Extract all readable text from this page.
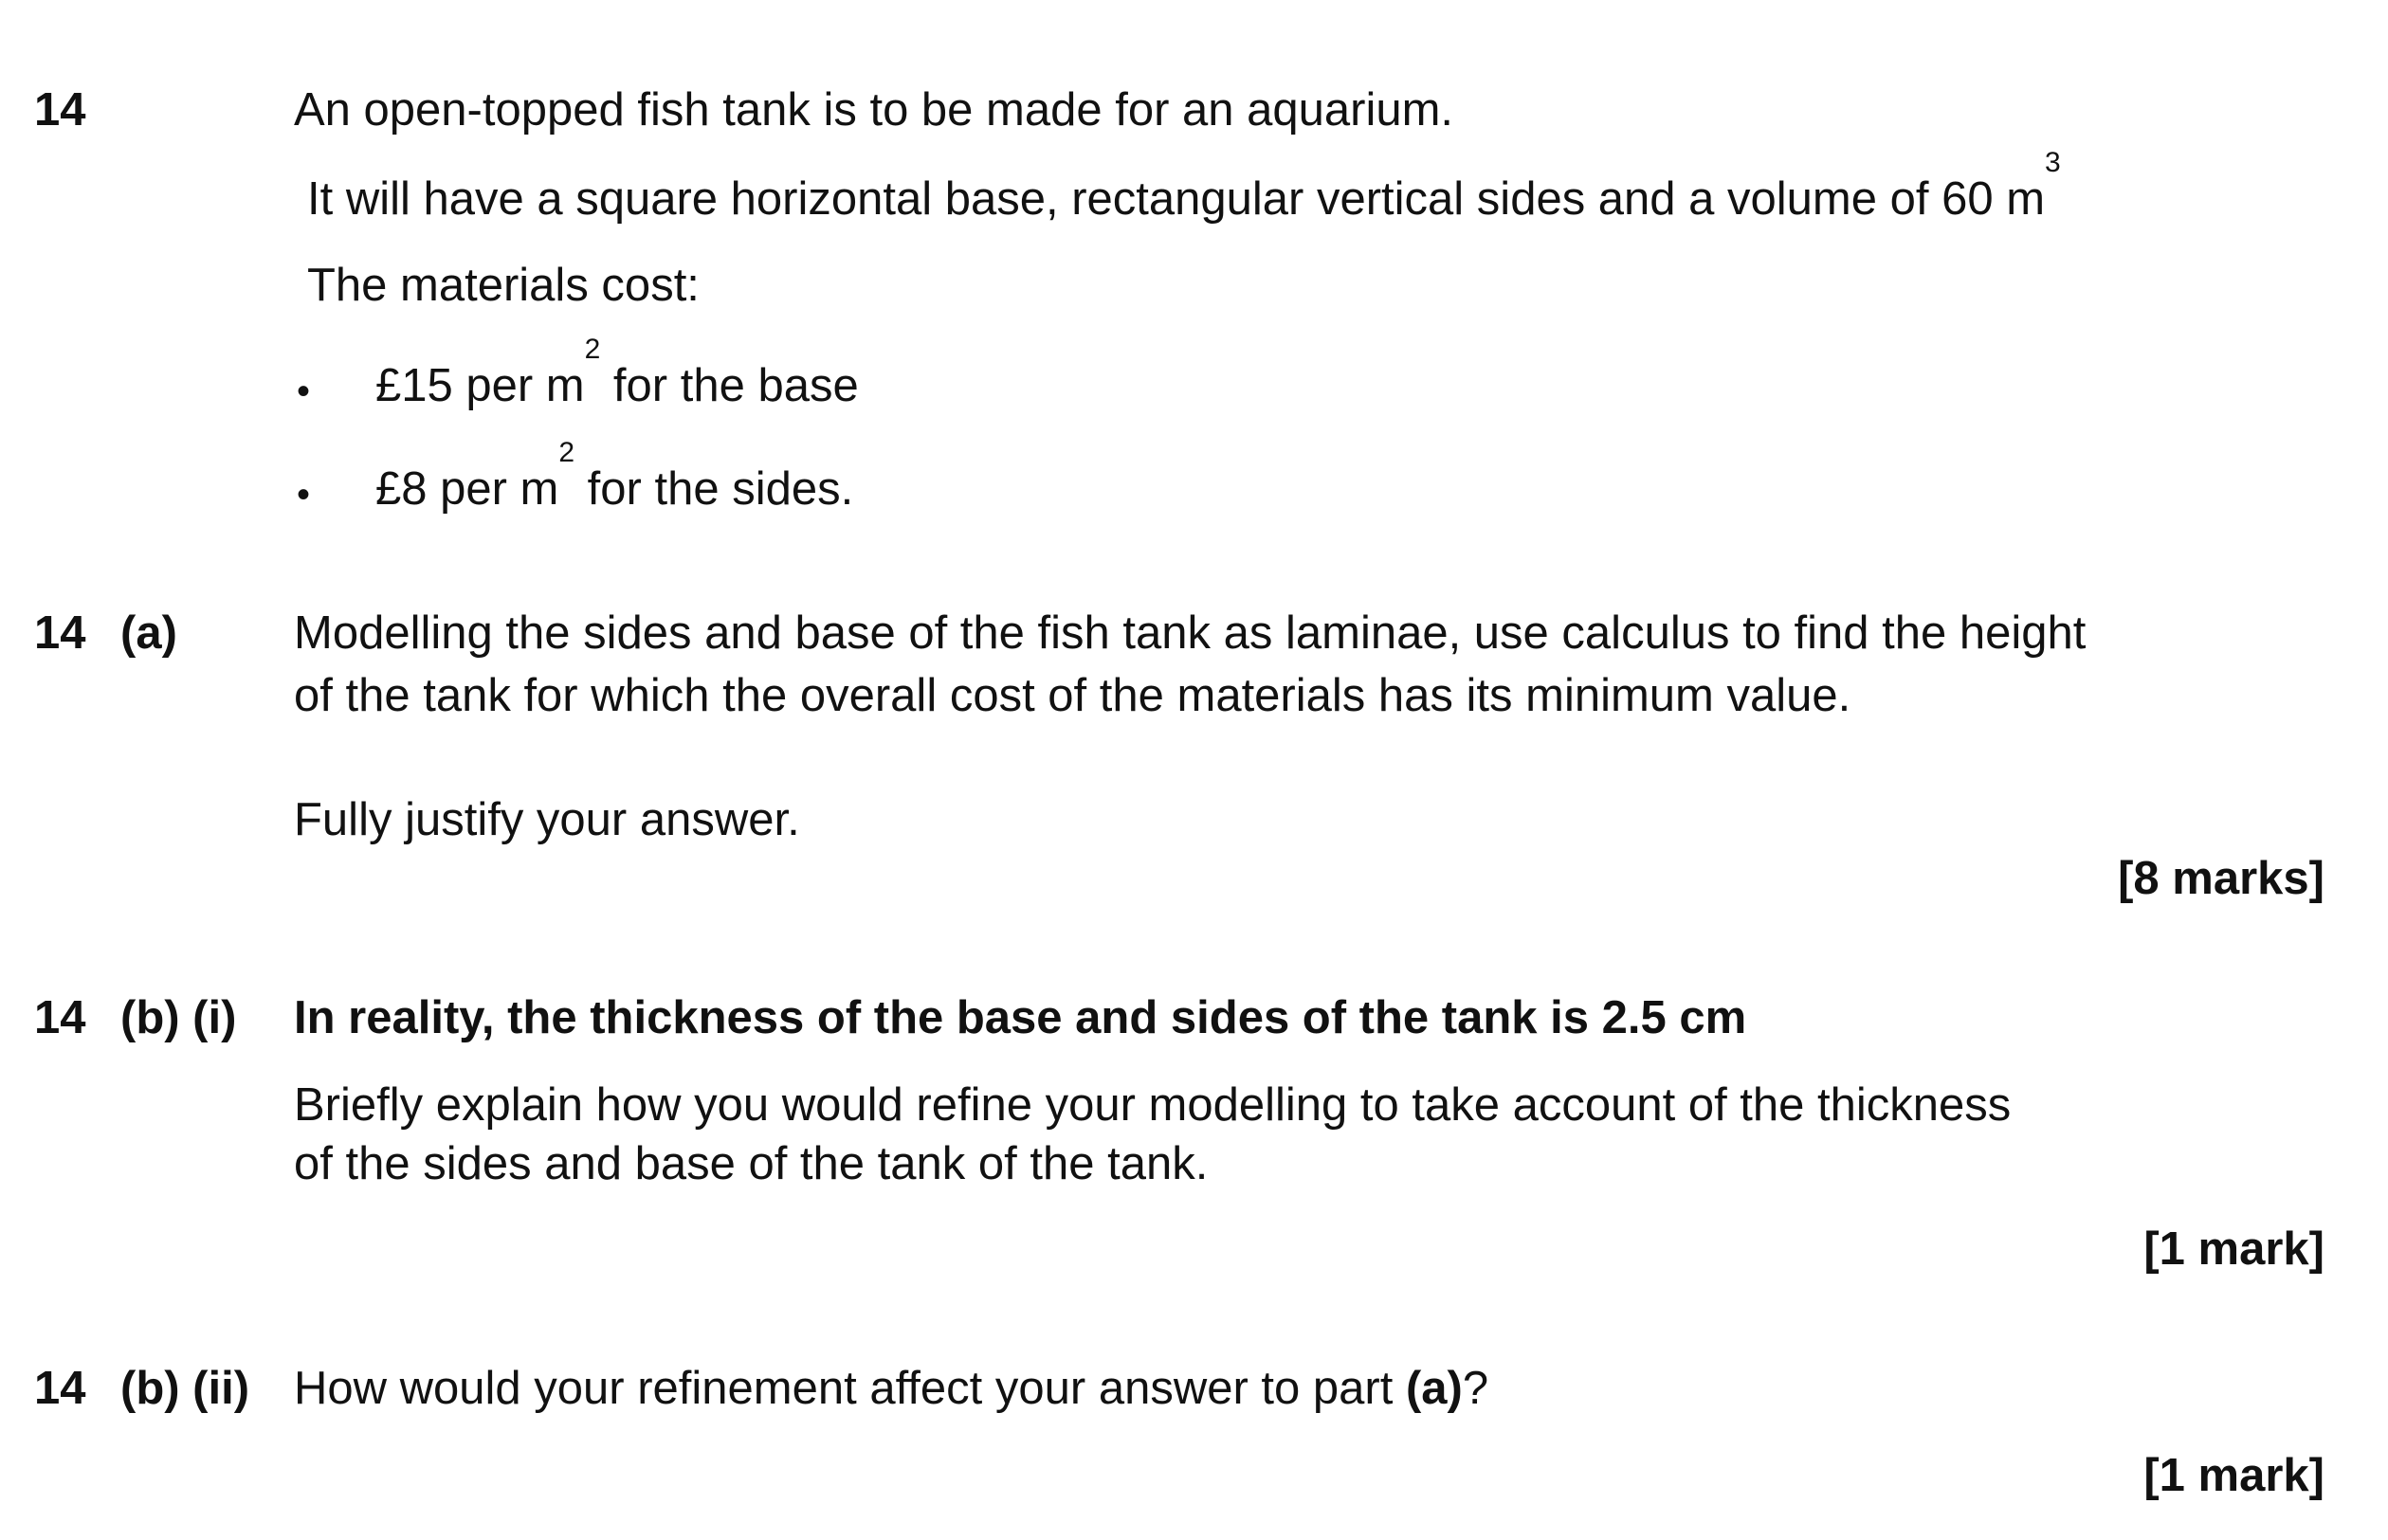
14	An open-topped fish tank is to be made for an aquarium.
It will have a square horizontal base, rectangular vertical sides and a volume of 60 $m^3$
The materials cost:
• £15 per $m^2$ for the base
• £8 per $m^2$ for the sides.
14 (a)	Modelling the sides and base of the fish tank as laminae, use calculus to find the height
of the tank for which the overall cost of the materials has its minimum value.
Fully justify your answer.
[8 marks]
14 (b) (i) In reality, the thickness of the base and sides of the tank is 2.5 cm
Briefly explain how you would refine your modelling to take account of the thickness
of the sides and base of the tank of the tank.
[1 mark]
14 (b) (ii) How would your refinement affect your answer to part (a)?
[1 mark]
